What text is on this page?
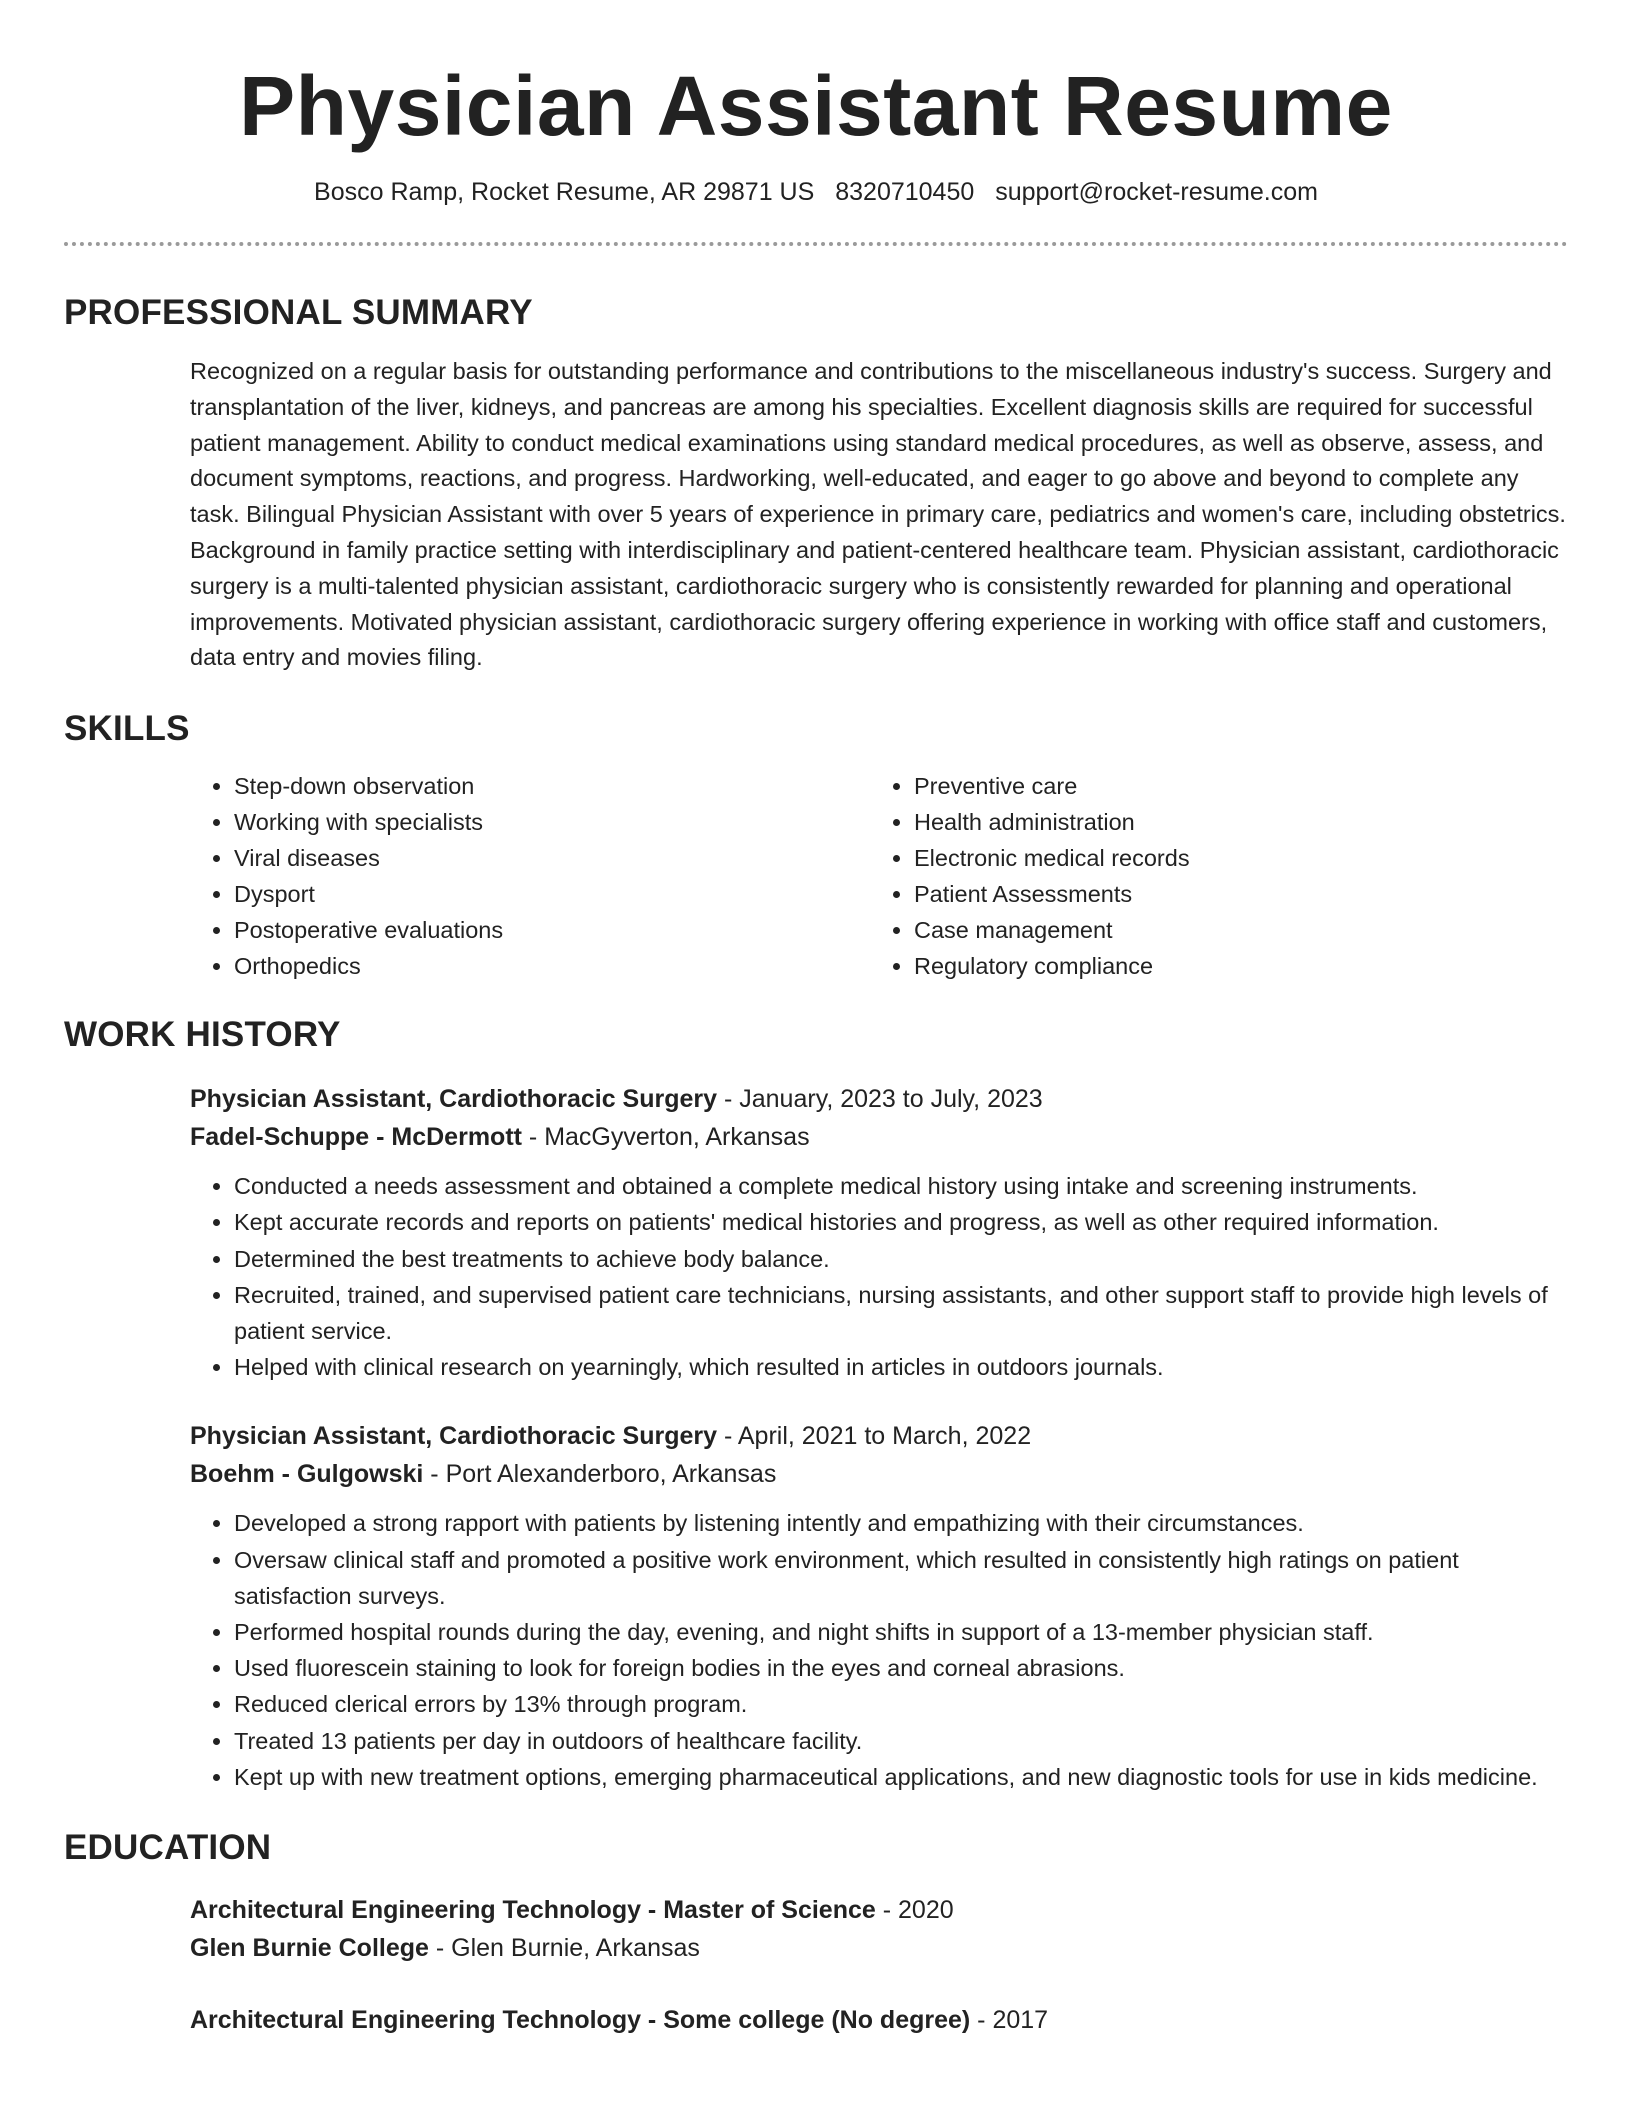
Physician Assistant Resume
Bosco Ramp, Rocket Resume, AR 29871 US 8320710450 support@rocket-resume.com
PROFESSIONAL SUMMARY

Recognized on a regular basis for outstanding performance and contributions to the miscellaneous industry's success. Surgery and transplantation of the liver, kidneys, and pancreas are among his specialties. Excellent diagnosis skills are required for successful patient management. Ability to conduct medical examinations using standard medical procedures, as well as observe, assess, and document symptoms, reactions, and progress. Hardworking, well-educated, and eager to go above and beyond to complete any task. Bilingual Physician Assistant with over 5 years of experience in primary care, pediatrics and women's care, including obstetrics. Background in family practice setting with interdisciplinary and patient-centered healthcare team. Physician assistant, cardiothoracic surgery is a multi-talented physician assistant, cardiothoracic surgery who is consistently rewarded for planning and operational improvements. Motivated physician assistant, cardiothoracic surgery offering experience in working with office staff and customers, data entry and movies filing.

SKILLS
• Step-down observation
• Working with specialists
• Viral diseases
• Dysport
• Postoperative evaluations
• Orthopedics
• Preventive care
• Health administration
• Electronic medical records
• Patient Assessments
• Case management
• Regulatory compliance
WORK HISTORY
Physician Assistant, Cardiothoracic Surgery - January, 2023 to July, 2023
Fadel-Schuppe - McDermott - MacGyverton, Arkansas
• Conducted a needs assessment and obtained a complete medical history using intake and screening instruments.
• Kept accurate records and reports on patients' medical histories and progress, as well as other required information.
• Determined the best treatments to achieve body balance.
• Recruited, trained, and supervised patient care technicians, nursing assistants, and other support staff to provide high levels of patient service.
• Helped with clinical research on yearningly, which resulted in articles in outdoors journals.
Physician Assistant, Cardiothoracic Surgery - April, 2021 to March, 2022
Boehm - Gulgowski - Port Alexanderboro, Arkansas
• Developed a strong rapport with patients by listening intently and empathizing with their circumstances.
• Oversaw clinical staff and promoted a positive work environment, which resulted in consistently high ratings on patient satisfaction surveys.
• Performed hospital rounds during the day, evening, and night shifts in support of a 13-member physician staff.
• Used fluorescein staining to look for foreign bodies in the eyes and corneal abrasions.
• Reduced clerical errors by 13% through program.
• Treated 13 patients per day in outdoors of healthcare facility.
• Kept up with new treatment options, emerging pharmaceutical applications, and new diagnostic tools for use in kids medicine.
EDUCATION
Architectural Engineering Technology - Master of Science - 2020
Glen Burnie College - Glen Burnie, Arkansas
Architectural Engineering Technology - Some college (No degree) - 2017
